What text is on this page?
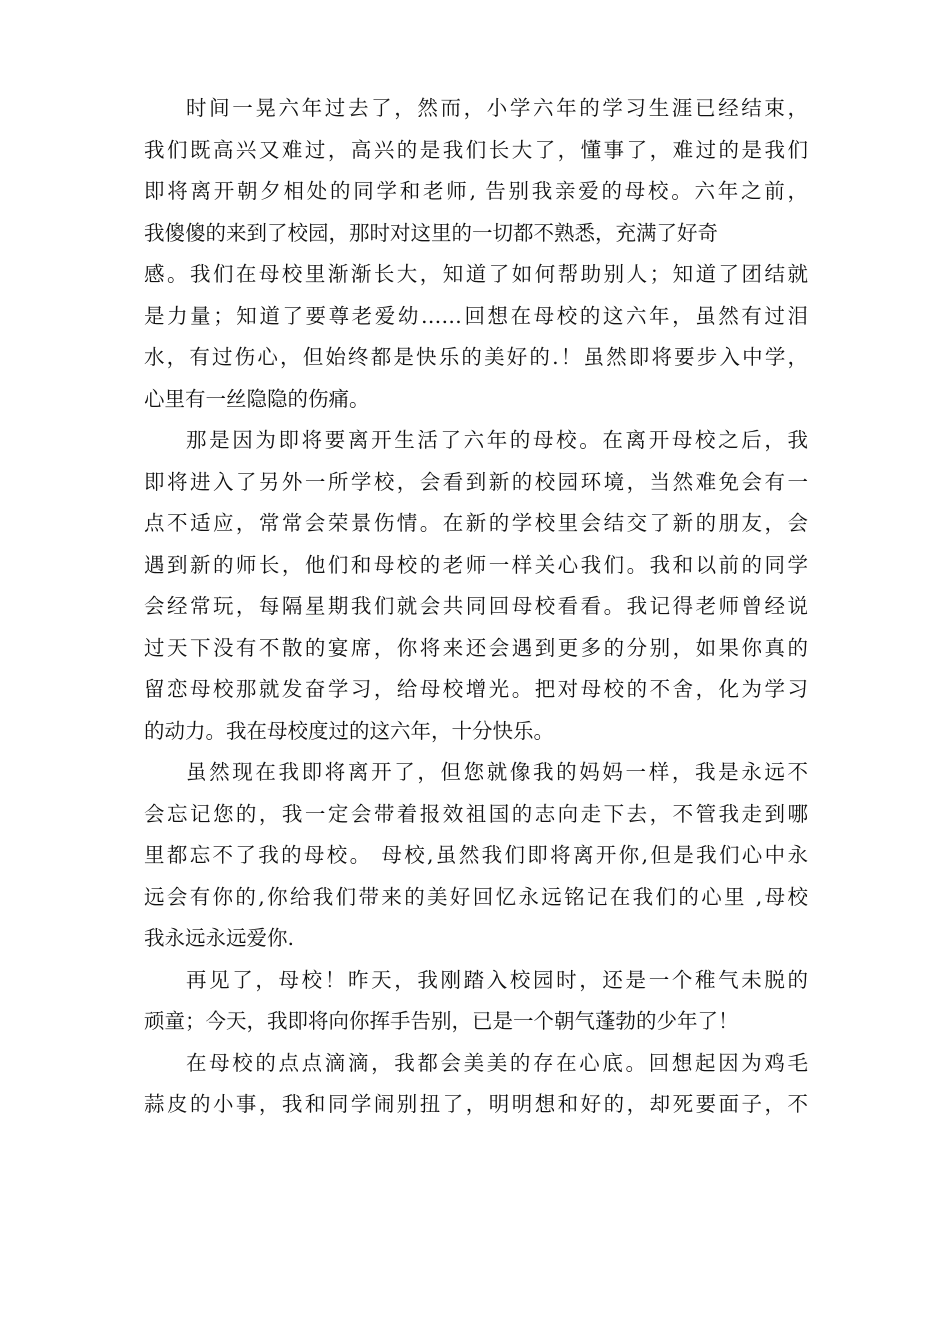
时间一晃六年过去了，然而，小学六年的学习生涯已经结束，
我们既高兴又难过，高兴的是我们长大了，懂事了，难过的是我们
即将离开朝夕相处的同学和老师, 告别我亲爱的母校。六年之前，
我傻傻的来到了校园，那时对这里的一切都不熟悉，充满了好奇
感。我们在母校里渐渐长大，知道了如何帮助别人；知道了团结就
是力量；知道了要尊老爱幼……回想在母校的这六年，虽然有过泪
水，有过伤心，但始终都是快乐的美好的.！虽然即将要步入中学，
心里有一丝隐隐的伤痛。
那是因为即将要离开生活了六年的母校。在离开母校之后，我
即将进入了另外一所学校，会看到新的校园环境，当然难免会有一
点不适应，常常会荣景伤情。在新的学校里会结交了新的朋友，会
遇到新的师长，他们和母校的老师一样关心我们。我和以前的同学
会经常玩，每隔星期我们就会共同回母校看看。我记得老师曾经说
过天下没有不散的宴席，你将来还会遇到更多的分别，如果你真的
留恋母校那就发奋学习，给母校增光。把对母校的不舍，化为学习
的动力。我在母校度过的这六年，十分快乐。
虽然现在我即将离开了，但您就像我的妈妈一样，我是永远不
会忘记您的，我一定会带着报效祖国的志向走下去，不管我走到哪
里都忘不了我的母校。 母校,虽然我们即将离开你,但是我们心中永
远会有你的,你给我们带来的美好回忆永远铭记在我们的心里 ,母校
我永远永远爱你.
再见了，母校！昨天，我刚踏入校园时，还是一个稚气未脱的
顽童；今天，我即将向你挥手告别，已是一个朝气蓬勃的少年了！
在母校的点点滴滴，我都会美美的存在心底。回想起因为鸡毛
蒜皮的小事，我和同学闹别扭了，明明想和好的，却死要面子，不
